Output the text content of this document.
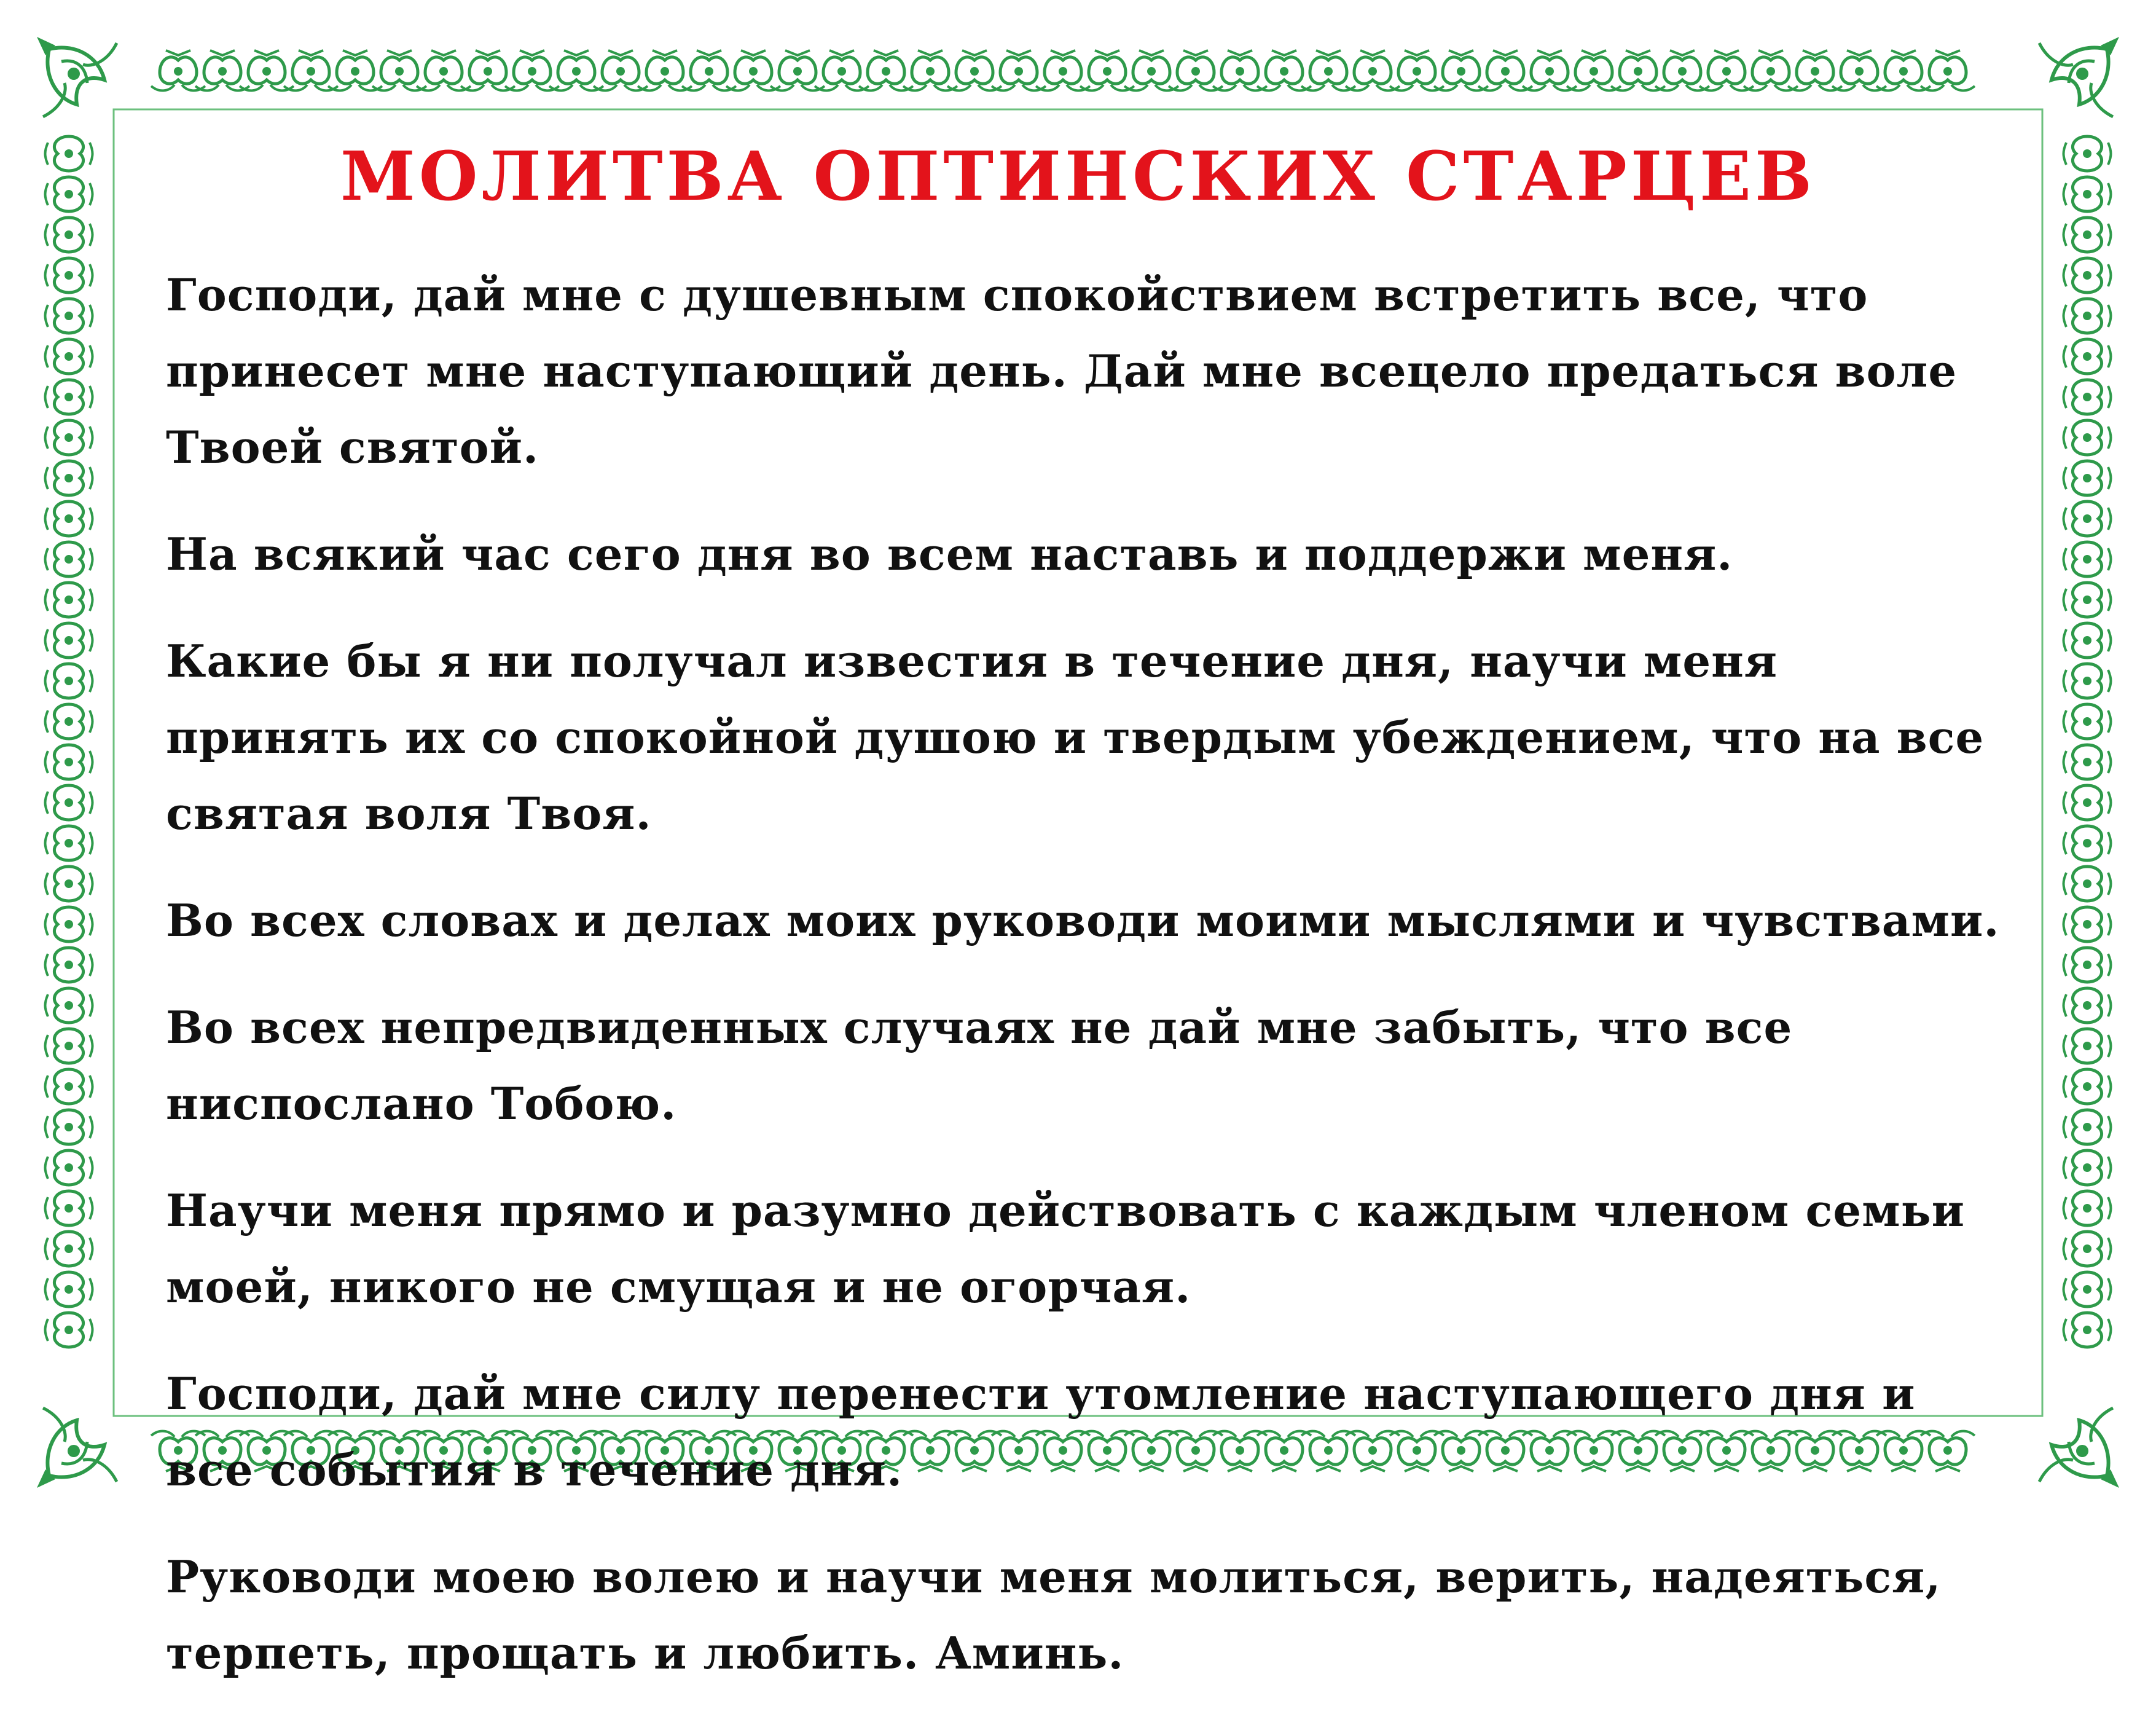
МОЛИТВА ОПТИНСКИХ СТАРЦЕВ

Господи, дай мне с душевным спокойствием встретить все, что принесет мне наступающий день. Дай мне всецело предаться воле Твоей святой.

На всякий час сего дня во всем наставь и поддержи меня.

Какие бы я ни получал известия в течение дня, научи меня принять их со спокойной душою и твердым убеждением, что на все святая воля Твоя.

Во всех словах и делах моих руководи моими мыслями и чувствами.

Во всех непредвиденных случаях не дай мне забыть, что все ниспослано Тобою.

Научи меня прямо и разумно действовать с каждым членом семьи моей, никого не смущая и не огорчая.

Господи, дай мне силу перенести утомление наступающего дня и все события в течение дня.

Руководи моею волею и научи меня молиться, верить, надеяться, терпеть, прощать и любить. Аминь.
